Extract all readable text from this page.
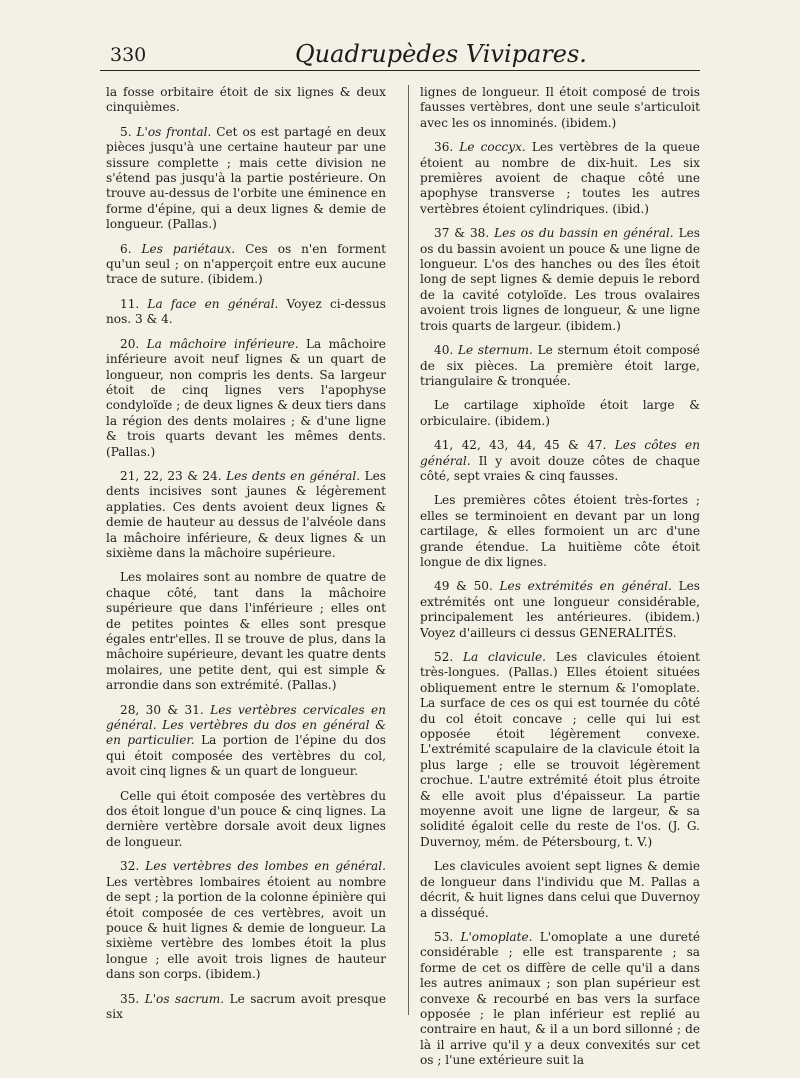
330	Quadrupèdes Vivipares.

la fosse orbitaire étoit de six lignes & deux cinquièmes.

5. L'os frontal. Cet os est partagé en deux pièces jusqu'à une certaine hauteur par une sissure complette ; mais cette division ne s'étend pas jusqu'à la partie postérieure. On trouve au-dessus de l'orbite une éminence en forme d'épine, qui a deux lignes & demie de longueur. (Pallas.)

6. Les pariétaux. Ces os n'en forment qu'un seul ; on n'apperçoit entre eux aucune trace de suture. (ibidem.)

11. La face en général. Voyez ci-dessus nos. 3 & 4.

20. La mâchoire inférieure. La mâchoire inférieure avoit neuf lignes & un quart de longueur, non compris les dents. Sa largeur étoit de cinq lignes vers l'apophyse condyloïde ; de deux lignes & deux tiers dans la région des dents molaires ; & d'une ligne & trois quarts devant les mêmes dents. (Pallas.)

21, 22, 23 & 24. Les dents en général. Les dents incisives sont jaunes & légèrement applaties. Ces dents avoient deux lignes & demie de hauteur au dessus de l'alvéole dans la mâchoire inférieure, & deux lignes & un sixième dans la mâchoire supérieure.

Les molaires sont au nombre de quatre de chaque côté, tant dans la mâchoire supérieure que dans l'inférieure ; elles ont de petites pointes & elles sont presque égales entr'elles. Il se trouve de plus, dans la mâchoire supérieure, devant les quatre dents molaires, une petite dent, qui est simple & arrondie dans son extrémité. (Pallas.)

28, 30 & 31. Les vertèbres cervicales en général. Les vertèbres du dos en général & en particulier. La portion de l'épine du dos qui étoit composée des vertèbres du col, avoit cinq lignes & un quart de longueur.

Celle qui étoit composée des vertèbres du dos étoit longue d'un pouce & cinq lignes. La dernière vertèbre dorsale avoit deux lignes de longueur.

32. Les vertèbres des lombes en général. Les vertèbres lombaires étoient au nombre de sept ; la portion de la colonne épinière qui étoit composée de ces vertèbres, avoit un pouce & huit lignes & demie de longueur. La sixième vertèbre des lombes étoit la plus longue ; elle avoit trois lignes de hauteur dans son corps. (ibidem.)

35. L'os sacrum. Le sacrum avoit presque six

lignes de longueur. Il étoit composé de trois fausses vertèbres, dont une seule s'articuloit avec les os innominés. (ibidem.)

36. Le coccyx. Les vertèbres de la queue étoient au nombre de dix-huit. Les six premières avoient de chaque côté une apophyse transverse ; toutes les autres vertèbres étoient cylindriques. (ibid.)

37 & 38. Les os du bassin en général. Les os du bassin avoient un pouce & une ligne de longueur. L'os des hanches ou des îles étoit long de sept lignes & demie depuis le rebord de la cavité cotyloïde. Les trous ovalaires avoient trois lignes de longueur, & une ligne trois quarts de largeur. (ibidem.)

40. Le sternum. Le sternum étoit composé de six pièces. La première étoit large, triangulaire & tronquée.

Le cartilage xiphoïde étoit large & orbiculaire. (ibidem.)

41, 42, 43, 44, 45 & 47. Les côtes en général. Il y avoit douze côtes de chaque côté, sept vraies & cinq fausses.

Les premières côtes étoient très-fortes ; elles se terminoient en devant par un long cartilage, & elles formoient un arc d'une grande étendue. La huitième côte étoit longue de dix lignes.

49 & 50. Les extrémités en général. Les extrémités ont une longueur considérable, principalement les antérieures. (ibidem.) Voyez d'ailleurs ci dessus GENERALITÉS.

52. La clavicule. Les clavicules étoient très-longues. (Pallas.) Elles étoient situées obliquement entre le sternum & l'omoplate. La surface de ces os qui est tournée du côté du col étoit concave ; celle qui lui est opposée étoit légèrement convexe. L'extrémité scapulaire de la clavicule étoit la plus large ; elle se trouvoit légèrement crochue. L'autre extrémité étoit plus étroite & elle avoit plus d'épaisseur. La partie moyenne avoit une ligne de largeur, & sa solidité égaloit celle du reste de l'os. (J. G. Duvernoy, mém. de Pétersbourg, t. V.)

Les clavicules avoient sept lignes & demie de longueur dans l'individu que M. Pallas a décrit, & huit lignes dans celui que Duvernoy a disséqué.

53. L'omoplate. L'omoplate a une dureté considérable ; elle est transparente ; sa forme de cet os diffère de celle qu'il a dans les autres animaux ; son plan supérieur est convexe & recourbé en bas vers la surface opposée ; le plan inférieur est replié au contraire en haut, & il a un bord sillonné ; de là il arrive qu'il y a deux convexités sur cet os ; l'une extérieure suit la
